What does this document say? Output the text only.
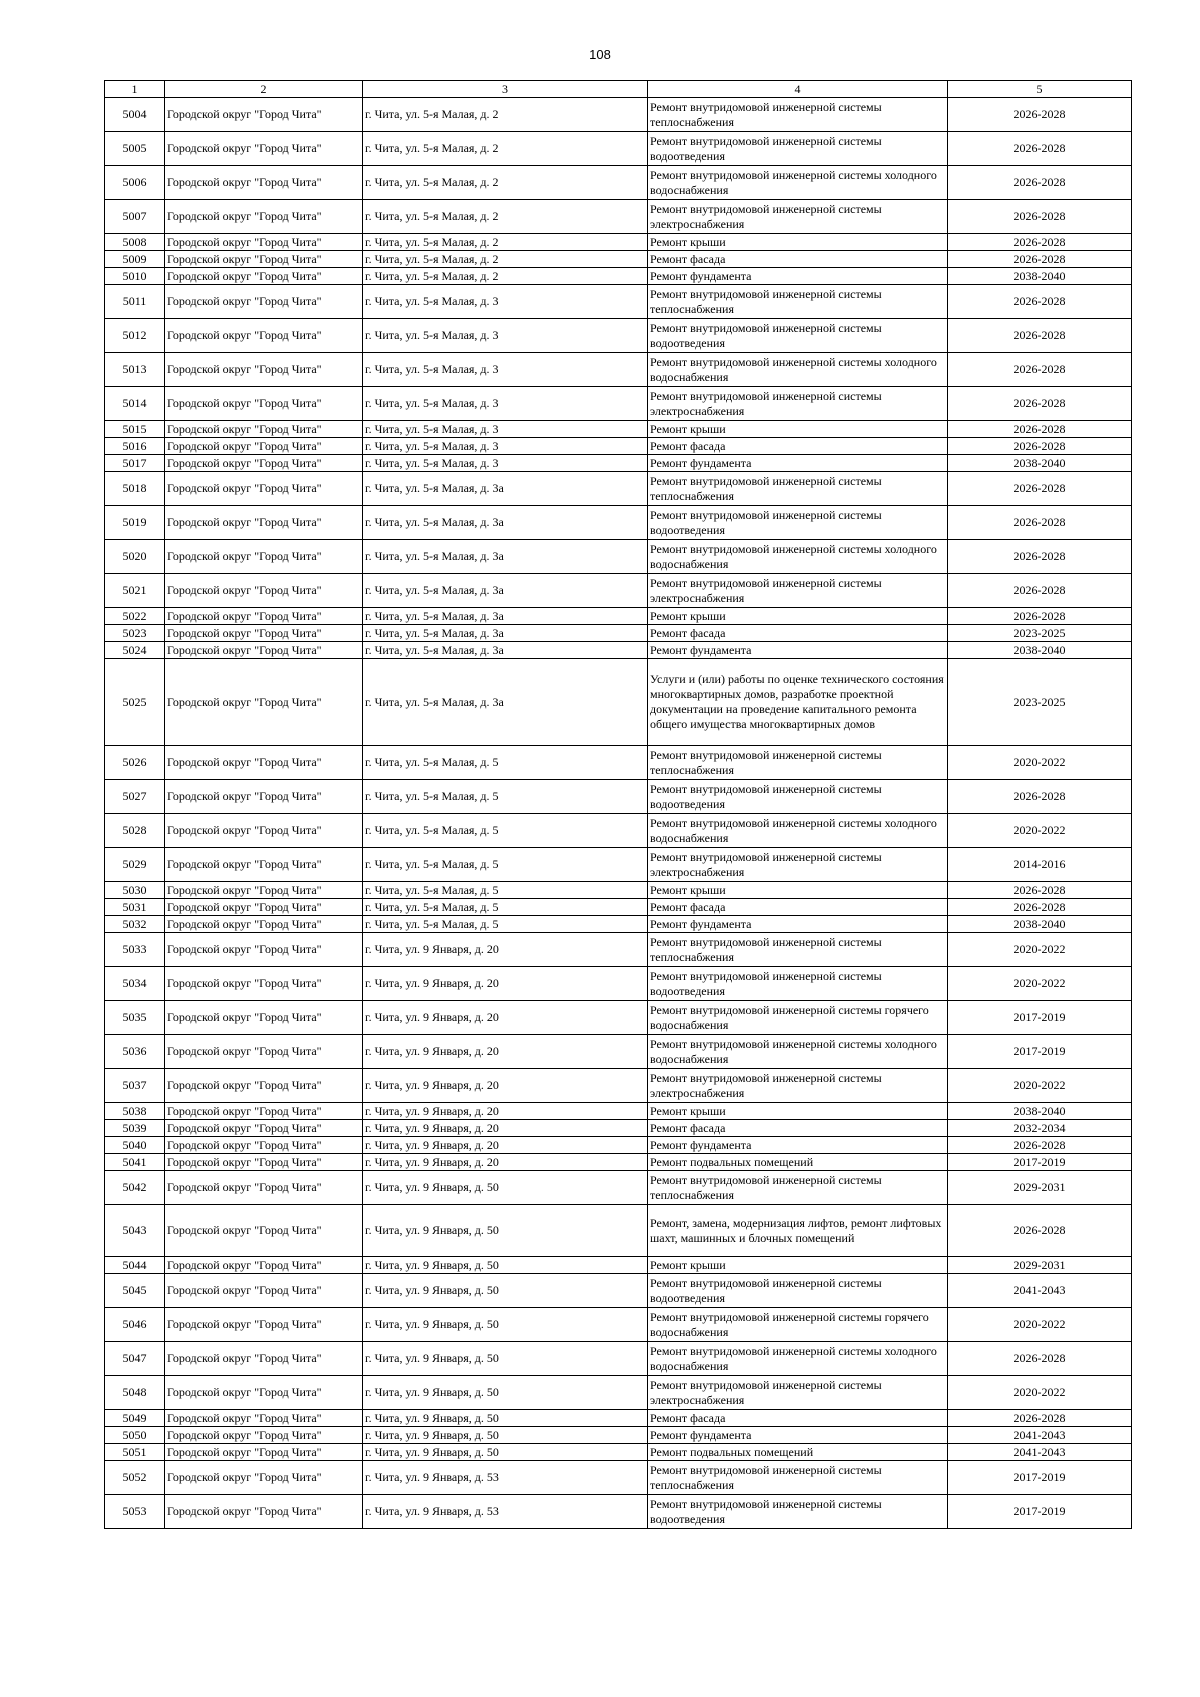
108
1	2	3	4	5
5004	Городской округ "Город Чита"	г. Чита, ул. 5-я Малая, д. 2	Ремонт внутридомовой инженерной системы теплоснабжения	2026-2028
5005	Городской округ "Город Чита"	г. Чита, ул. 5-я Малая, д. 2	Ремонт внутридомовой инженерной системы водоотведения	2026-2028
5006	Городской округ "Город Чита"	г. Чита, ул. 5-я Малая, д. 2	Ремонт внутридомовой инженерной системы холодного водоснабжения	2026-2028
5007	Городской округ "Город Чита"	г. Чита, ул. 5-я Малая, д. 2	Ремонт внутридомовой инженерной системы электроснабжения	2026-2028
5008	Городской округ "Город Чита"	г. Чита, ул. 5-я Малая, д. 2	Ремонт крыши	2026-2028
5009	Городской округ "Город Чита"	г. Чита, ул. 5-я Малая, д. 2	Ремонт фасада	2026-2028
5010	Городской округ "Город Чита"	г. Чита, ул. 5-я Малая, д. 2	Ремонт фундамента	2038-2040
5011	Городской округ "Город Чита"	г. Чита, ул. 5-я Малая, д. 3	Ремонт внутридомовой инженерной системы теплоснабжения	2026-2028
5012	Городской округ "Город Чита"	г. Чита, ул. 5-я Малая, д. 3	Ремонт внутридомовой инженерной системы водоотведения	2026-2028
5013	Городской округ "Город Чита"	г. Чита, ул. 5-я Малая, д. 3	Ремонт внутридомовой инженерной системы холодного водоснабжения	2026-2028
5014	Городской округ "Город Чита"	г. Чита, ул. 5-я Малая, д. 3	Ремонт внутридомовой инженерной системы электроснабжения	2026-2028
5015	Городской округ "Город Чита"	г. Чита, ул. 5-я Малая, д. 3	Ремонт крыши	2026-2028
5016	Городской округ "Город Чита"	г. Чита, ул. 5-я Малая, д. 3	Ремонт фасада	2026-2028
5017	Городской округ "Город Чита"	г. Чита, ул. 5-я Малая, д. 3	Ремонт фундамента	2038-2040
5018	Городской округ "Город Чита"	г. Чита, ул. 5-я Малая, д. 3а	Ремонт внутридомовой инженерной системы теплоснабжения	2026-2028
5019	Городской округ "Город Чита"	г. Чита, ул. 5-я Малая, д. 3а	Ремонт внутридомовой инженерной системы водоотведения	2026-2028
5020	Городской округ "Город Чита"	г. Чита, ул. 5-я Малая, д. 3а	Ремонт внутридомовой инженерной системы холодного водоснабжения	2026-2028
5021	Городской округ "Город Чита"	г. Чита, ул. 5-я Малая, д. 3а	Ремонт внутридомовой инженерной системы электроснабжения	2026-2028
5022	Городской округ "Город Чита"	г. Чита, ул. 5-я Малая, д. 3а	Ремонт крыши	2026-2028
5023	Городской округ "Город Чита"	г. Чита, ул. 5-я Малая, д. 3а	Ремонт фасада	2023-2025
5024	Городской округ "Город Чита"	г. Чита, ул. 5-я Малая, д. 3а	Ремонт фундамента	2038-2040
5025	Городской округ "Город Чита"	г. Чита, ул. 5-я Малая, д. 3а	Услуги и (или) работы по оценке технического состояния многоквартирных домов, разработке проектной документации на проведение капитального ремонта общего имущества многоквартирных домов	2023-2025
5026	Городской округ "Город Чита"	г. Чита, ул. 5-я Малая, д. 5	Ремонт внутридомовой инженерной системы теплоснабжения	2020-2022
5027	Городской округ "Город Чита"	г. Чита, ул. 5-я Малая, д. 5	Ремонт внутридомовой инженерной системы водоотведения	2026-2028
5028	Городской округ "Город Чита"	г. Чита, ул. 5-я Малая, д. 5	Ремонт внутридомовой инженерной системы холодного водоснабжения	2020-2022
5029	Городской округ "Город Чита"	г. Чита, ул. 5-я Малая, д. 5	Ремонт внутридомовой инженерной системы электроснабжения	2014-2016
5030	Городской округ "Город Чита"	г. Чита, ул. 5-я Малая, д. 5	Ремонт крыши	2026-2028
5031	Городской округ "Город Чита"	г. Чита, ул. 5-я Малая, д. 5	Ремонт фасада	2026-2028
5032	Городской округ "Город Чита"	г. Чита, ул. 5-я Малая, д. 5	Ремонт фундамента	2038-2040
5033	Городской округ "Город Чита"	г. Чита, ул. 9 Января, д. 20	Ремонт внутридомовой инженерной системы теплоснабжения	2020-2022
5034	Городской округ "Город Чита"	г. Чита, ул. 9 Января, д. 20	Ремонт внутридомовой инженерной системы водоотведения	2020-2022
5035	Городской округ "Город Чита"	г. Чита, ул. 9 Января, д. 20	Ремонт внутридомовой инженерной системы горячего водоснабжения	2017-2019
5036	Городской округ "Город Чита"	г. Чита, ул. 9 Января, д. 20	Ремонт внутридомовой инженерной системы холодного водоснабжения	2017-2019
5037	Городской округ "Город Чита"	г. Чита, ул. 9 Января, д. 20	Ремонт внутридомовой инженерной системы электроснабжения	2020-2022
5038	Городской округ "Город Чита"	г. Чита, ул. 9 Января, д. 20	Ремонт крыши	2038-2040
5039	Городской округ "Город Чита"	г. Чита, ул. 9 Января, д. 20	Ремонт фасада	2032-2034
5040	Городской округ "Город Чита"	г. Чита, ул. 9 Января, д. 20	Ремонт фундамента	2026-2028
5041	Городской округ "Город Чита"	г. Чита, ул. 9 Января, д. 20	Ремонт подвальных помещений	2017-2019
5042	Городской округ "Город Чита"	г. Чита, ул. 9 Января, д. 50	Ремонт внутридомовой инженерной системы теплоснабжения	2029-2031
5043	Городской округ "Город Чита"	г. Чита, ул. 9 Января, д. 50	Ремонт, замена, модернизация лифтов, ремонт лифтовых шахт, машинных и блочных помещений	2026-2028
5044	Городской округ "Город Чита"	г. Чита, ул. 9 Января, д. 50	Ремонт крыши	2029-2031
5045	Городской округ "Город Чита"	г. Чита, ул. 9 Января, д. 50	Ремонт внутридомовой инженерной системы водоотведения	2041-2043
5046	Городской округ "Город Чита"	г. Чита, ул. 9 Января, д. 50	Ремонт внутридомовой инженерной системы горячего водоснабжения	2020-2022
5047	Городской округ "Город Чита"	г. Чита, ул. 9 Января, д. 50	Ремонт внутридомовой инженерной системы холодного водоснабжения	2026-2028
5048	Городской округ "Город Чита"	г. Чита, ул. 9 Января, д. 50	Ремонт внутридомовой инженерной системы электроснабжения	2020-2022
5049	Городской округ "Город Чита"	г. Чита, ул. 9 Января, д. 50	Ремонт фасада	2026-2028
5050	Городской округ "Город Чита"	г. Чита, ул. 9 Января, д. 50	Ремонт фундамента	2041-2043
5051	Городской округ "Город Чита"	г. Чита, ул. 9 Января, д. 50	Ремонт подвальных помещений	2041-2043
5052	Городской округ "Город Чита"	г. Чита, ул. 9 Января, д. 53	Ремонт внутридомовой инженерной системы теплоснабжения	2017-2019
5053	Городской округ "Город Чита"	г. Чита, ул. 9 Января, д. 53	Ремонт внутридомовой инженерной системы водоотведения	2017-2019
